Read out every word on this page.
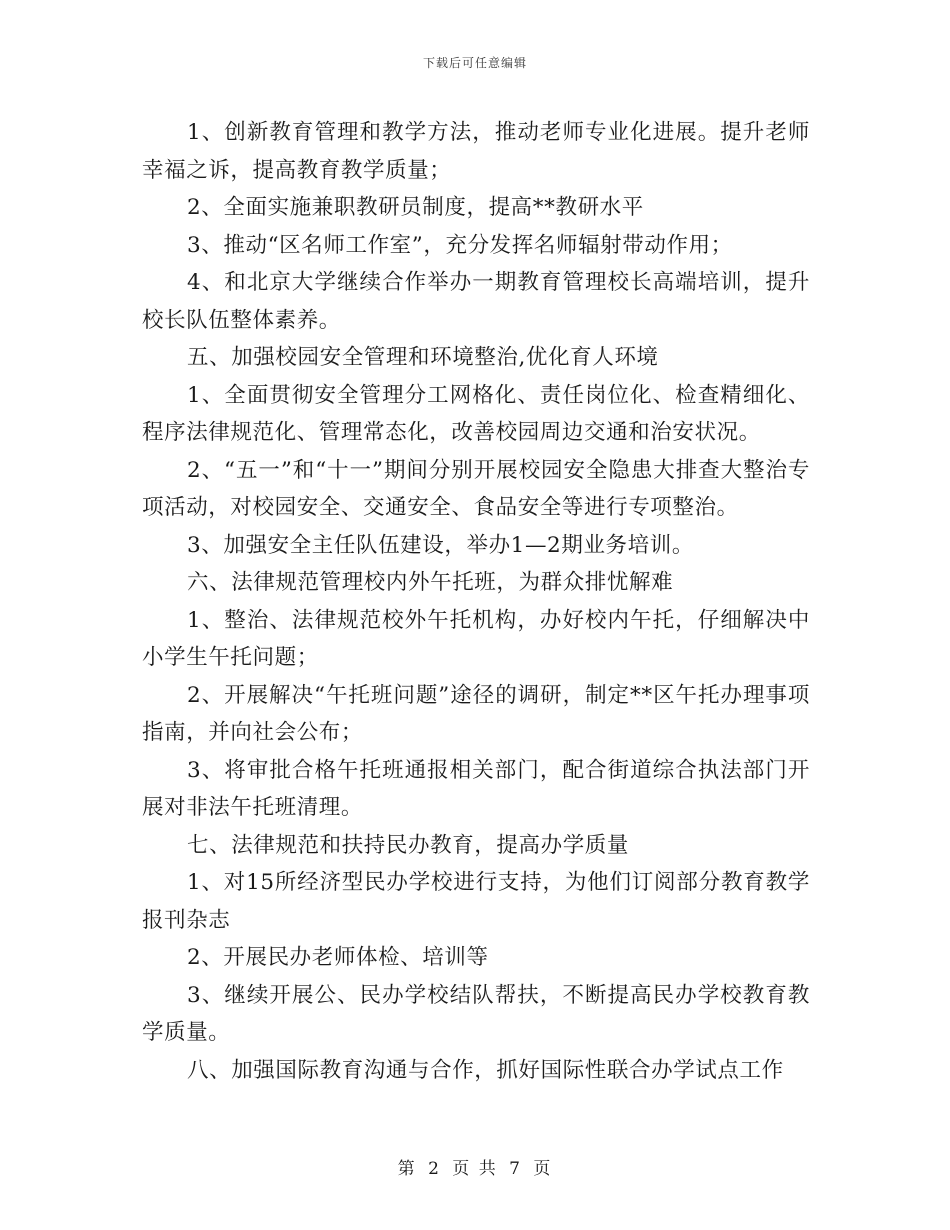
下载后可任意编辑

1、创新教育管理和教学方法，推动老师专业化进展。提升老师幸福之诉，提高教育教学质量；

2、全面实施兼职教研员制度，提高**教研水平

3、推动“区名师工作室”，充分发挥名师辐射带动作用；

4、和北京大学继续合作举办一期教育管理校长高端培训，提升校长队伍整体素养。

五、加强校园安全管理和环境整治,优化育人环境

1、全面贯彻安全管理分工网格化、责任岗位化、检查精细化、程序法律规范化、管理常态化，改善校园周边交通和治安状况。

2、“五一”和“十一”期间分别开展校园安全隐患大排查大整治专项活动，对校园安全、交通安全、食品安全等进行专项整治。

3、加强安全主任队伍建设，举办1—2期业务培训。

六、法律规范管理校内外午托班，为群众排忧解难

1、整治、法律规范校外午托机构，办好校内午托，仔细解决中小学生午托问题；

2、开展解决“午托班问题”途径的调研，制定**区午托办理事项指南，并向社会公布；

3、将审批合格午托班通报相关部门，配合街道综合执法部门开展对非法午托班清理。

七、法律规范和扶持民办教育，提高办学质量

1、对15所经济型民办学校进行支持，为他们订阅部分教育教学报刊杂志

2、开展民办老师体检、培训等

3、继续开展公、民办学校结队帮扶，不断提高民办学校教育教学质量。

八、加强国际教育沟通与合作，抓好国际性联合办学试点工作

第 2 页 共 7 页
